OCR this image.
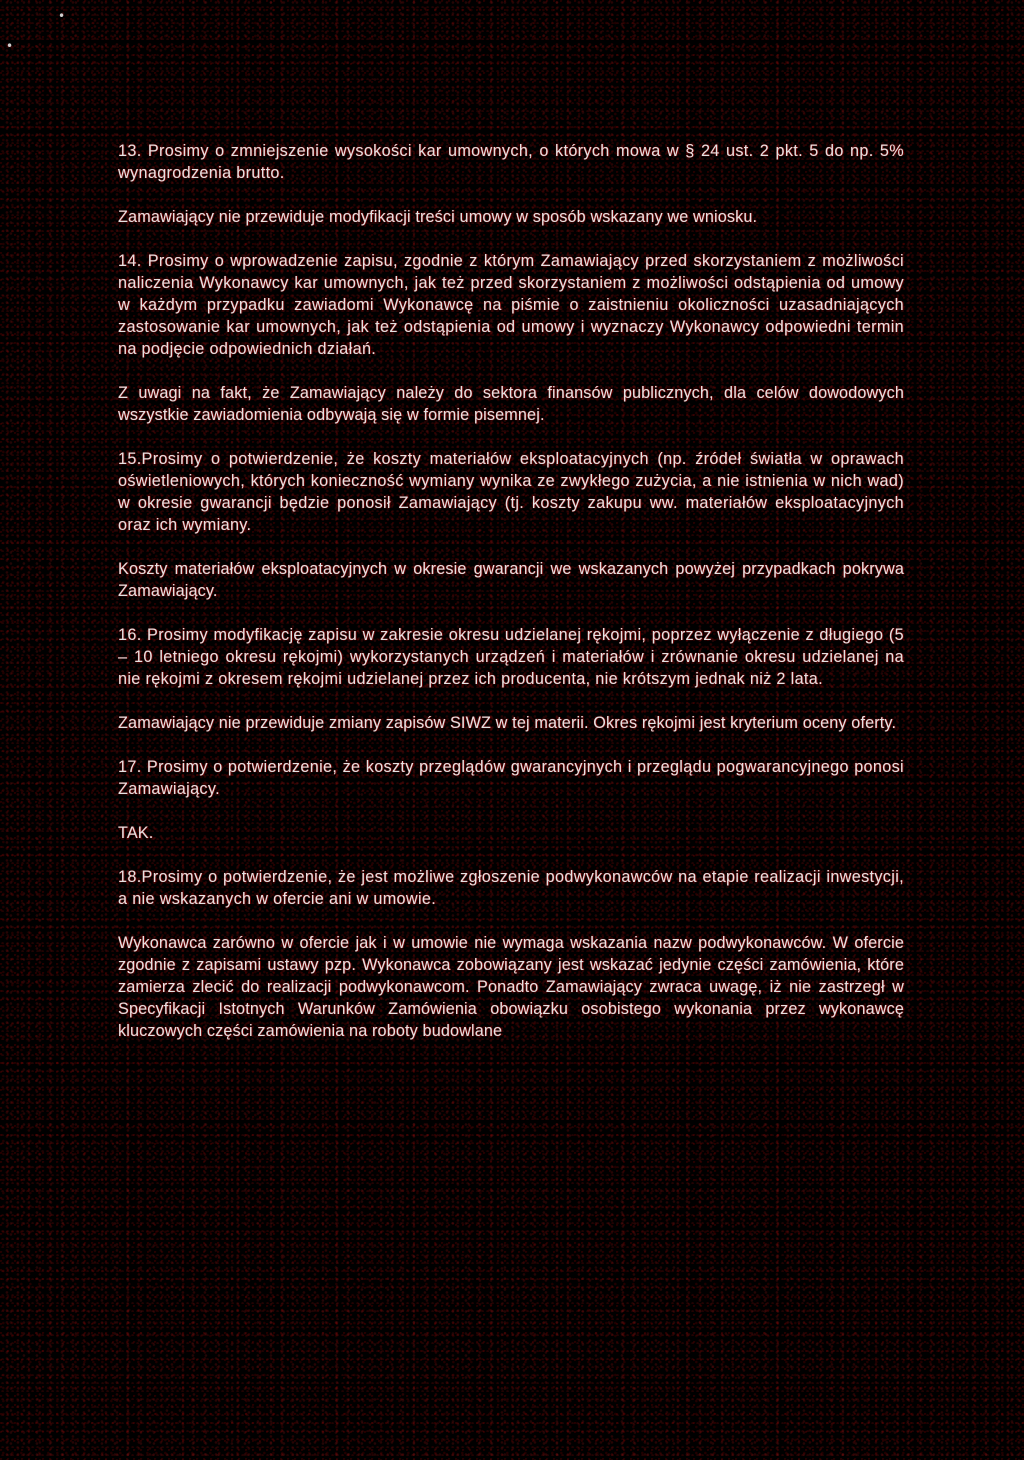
•
•
13. Prosimy o zmniejszenie wysokości kar umownych, o których mowa w § 24 ust. 2 pkt. 5 do np. 5% wynagrodzenia brutto.
Zamawiający nie przewiduje modyfikacji treści umowy w sposób wskazany we wniosku.
14. Prosimy o wprowadzenie zapisu, zgodnie z którym Zamawiający przed skorzystaniem z możliwości naliczenia Wykonawcy kar umownych, jak też przed skorzystaniem z możliwości odstąpienia od umowy w każdym przypadku zawiadomi Wykonawcę na piśmie o zaistnieniu okoliczności uzasadniających zastosowanie kar umownych, jak też odstąpienia od umowy i wyznaczy Wykonawcy odpowiedni termin na podjęcie odpowiednich działań.
Z uwagi na fakt, że Zamawiający należy do sektora finansów publicznych, dla celów dowodowych wszystkie zawiadomienia odbywają się w formie pisemnej.
15.Prosimy o potwierdzenie, że koszty materiałów eksploatacyjnych (np. źródeł światła w oprawach oświetleniowych, których konieczność wymiany wynika ze zwykłego zużycia, a nie istnienia w nich wad) w okresie gwarancji będzie ponosił Zamawiający (tj. koszty zakupu ww. materiałów eksploatacyjnych oraz ich wymiany.
Koszty materiałów eksploatacyjnych w okresie gwarancji we wskazanych powyżej przypadkach pokrywa Zamawiający.
16. Prosimy modyfikację zapisu w zakresie okresu udzielanej rękojmi, poprzez wyłączenie z długiego (5 – 10 letniego okresu rękojmi) wykorzystanych urządzeń i materiałów i zrównanie okresu udzielanej na nie rękojmi z okresem rękojmi udzielanej przez ich producenta, nie krótszym jednak niż 2 lata.
Zamawiający nie przewiduje zmiany zapisów SIWZ w tej materii. Okres rękojmi jest kryterium oceny oferty.
17. Prosimy o potwierdzenie, że koszty przeglądów gwarancyjnych i przeglądu pogwarancyjnego ponosi Zamawiający.
TAK.
18.Prosimy o potwierdzenie, że jest możliwe zgłoszenie podwykonawców na etapie realizacji inwestycji, a nie wskazanych w ofercie ani w umowie.
Wykonawca zarówno w ofercie jak i w umowie nie wymaga wskazania nazw podwykonawców. W ofercie zgodnie z zapisami ustawy pzp. Wykonawca zobowiązany jest wskazać jedynie części zamówienia, które zamierza zlecić do realizacji podwykonawcom. Ponadto Zamawiający zwraca uwagę, iż nie zastrzegł w Specyfikacji Istotnych Warunków Zamówienia obowiązku osobistego wykonania przez wykonawcę kluczowych części zamówienia na roboty budowlane
